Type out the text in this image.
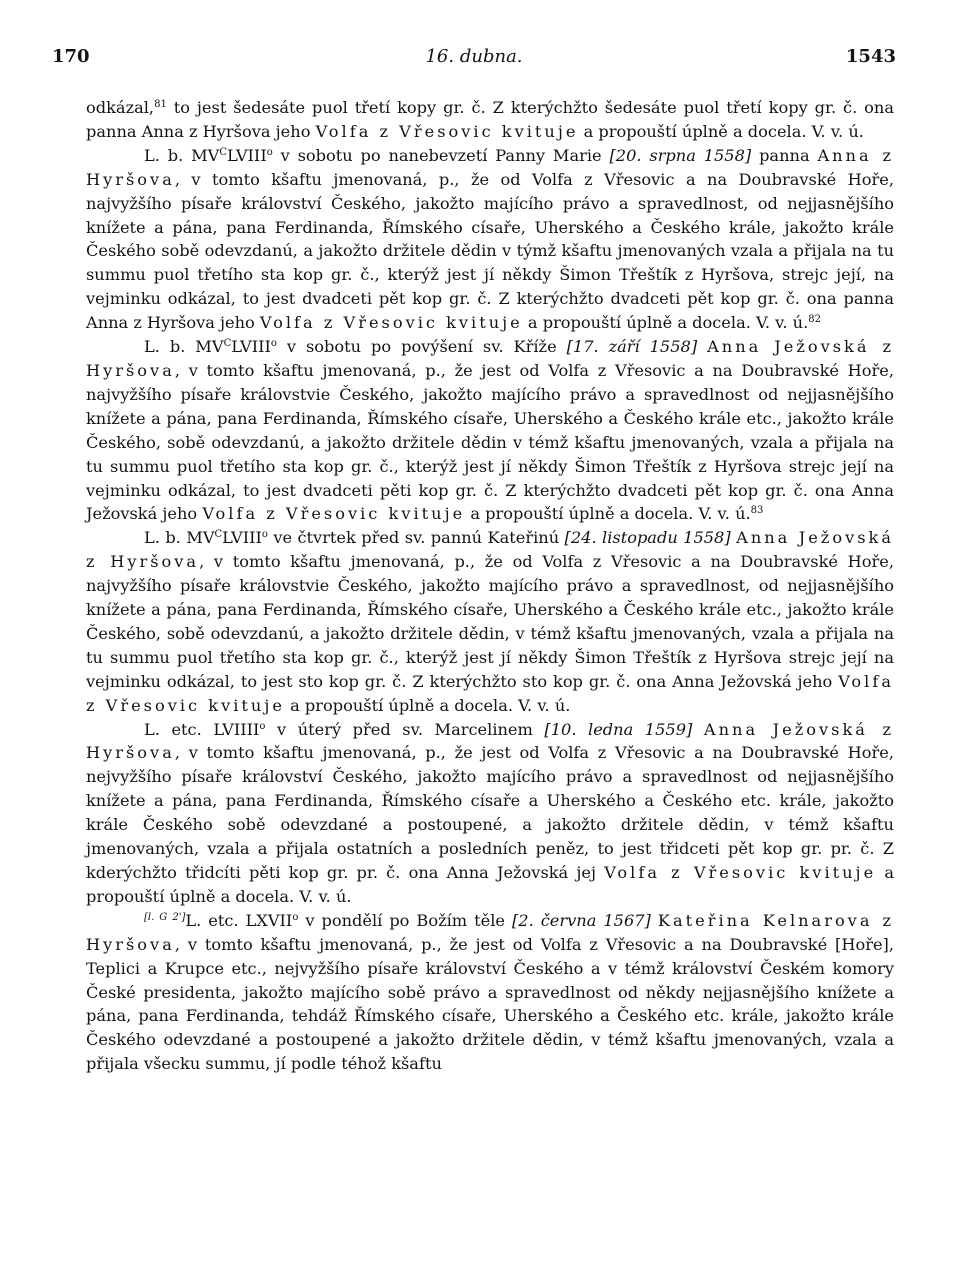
170	16. dubna.	1543

odkázal,$^{81}$ to jest šedesáte puol třetí kopy gr. č. Z kterýchžto šedesáte puol třetí kopy gr. č. ona panna Anna z Hyršova jeho Volfa z Vřesovic kvituje a propouští úplně a docela. V. v. ú.

L. b. $MV^CLVIII^o$ v sobotu po nanebevzetí Panny Marie [20. srpna 1558] panna Anna z Hyršova, v tomto kšaftu jmenovaná, p., že od Volfa z Vřesovic a na Doubravské Hoře, najvyžšího písaře království Českého, jakožto majícího právo a spravedlnost, od nejjasnějšího knížete a pána, pana Ferdinanda, Římského císaře, Uherského a Českého krále, jakožto krále Českého sobě odevzdanú, a jakožto držitele dědin v týmž kšaftu jmenovaných vzala a přijala na tu summu puol třetího sta kop gr. č., kterýž jest jí někdy Šimon Třeštík z Hyršova, strejc její, na vejminku odkázal, to jest dvadceti pět kop gr. č. Z kterýchžto dvadceti pět kop gr. č. ona panna Anna z Hyršova jeho Volfa z Vřesovic kvituje a propouští úplně a docela. V. v. ú.$^{82}$

L. b. $MV^CLVIII^o$ v sobotu po povýšení sv. Kříže [17. září 1558] Anna Ježovská z Hyršova, v tomto kšaftu jmenovaná, p., že jest od Volfa z Vřesovic a na Doubravské Hoře, najvyžšího písaře královstvie Českého, jakožto majícího právo a spravedlnost od nejjasnějšího knížete a pána, pana Ferdinanda, Římského císaře, Uherského a Českého krále etc., jakožto krále Českého, sobě odevzdanú, a jakožto držitele dědin v témž kšaftu jmenovaných, vzala a přijala na tu summu puol třetího sta kop gr. č., kterýž jest jí někdy Šimon Třeštík z Hyršova strejc její na vejminku odkázal, to jest dvadceti pěti kop gr. č. Z kterýchžto dvadceti pět kop gr. č. ona Anna Ježovská jeho Volfa z Vřesovic kvituje a propouští úplně a docela. V. v. ú.$^{83}$

L. b. $MV^CLVIII^o$ ve čtvrtek před sv. pannú Kateřinú [24. listopadu 1558] Anna Ježovská z Hyršova, v tomto kšaftu jmenovaná, p., že od Volfa z Vřesovic a na Doubravské Hoře, najvyžšího písaře královstvie Českého, jakožto majícího právo a spravedlnost, od nejjasnějšího knížete a pána, pana Ferdinanda, Římského císaře, Uherského a Českého krále etc., jakožto krále Českého, sobě odevzdanú, a jakožto držitele dědin, v témž kšaftu jmenovaných, vzala a přijala na tu summu puol třetího sta kop gr. č., kterýž jest jí někdy Šimon Třeštík z Hyršova strejc její na vejminku odkázal, to jest sto kop gr. č. Z kterýchžto sto kop gr. č. ona Anna Ježovská jeho Volfa z Vřesovic kvituje a propouští úplně a docela. V. v. ú.

L. etc. LVIIII$^o$ v úterý před sv. Marcelinem [10. ledna 1559] Anna Ježovská z Hyršova, v tomto kšaftu jmenovaná, p., že jest od Volfa z Vřesovic a na Doubravské Hoře, nejvyžšího písaře království Českého, jakožto majícího právo a spravedlnost od nejjasnějšího knížete a pána, pana Ferdinanda, Římského císaře a Uherského a Českého etc. krále, jakožto krále Českého sobě odevzdané a postoupené, a jakožto držitele dědin, v témž kšaftu jmenovaných, vzala a přijala ostatních a posledních peněz, to jest třidceti pět kop gr. pr. č. Z kderýchžto třidcíti pěti kop gr. pr. č. ona Anna Ježovská jej Volfa z Vřesovic kvituje a propouští úplně a docela. V. v. ú.

[l. G 2']L. etc. LXVII$^o$ v pondělí po Božím těle [2. června 1567] Kateřina Kelnarova z Hyršova, v tomto kšaftu jmenovaná, p., že jest od Volfa z Vřesovic a na Doubravské [Hoře], Teplici a Krupce etc., nejvyžšího písaře království Českého a v témž království Českém komory České presidenta, jakožto majícího sobě právo a spravedlnost od někdy nejjasnějšího knížete a pána, pana Ferdinanda, tehdáž Římského císaře, Uherského a Českého etc. krále, jakožto krále Českého odevzdané a postoupené a jakožto držitele dědin, v témž kšaftu jmenovaných, vzala a přijala všecku summu, jí podle téhož kšaftu
